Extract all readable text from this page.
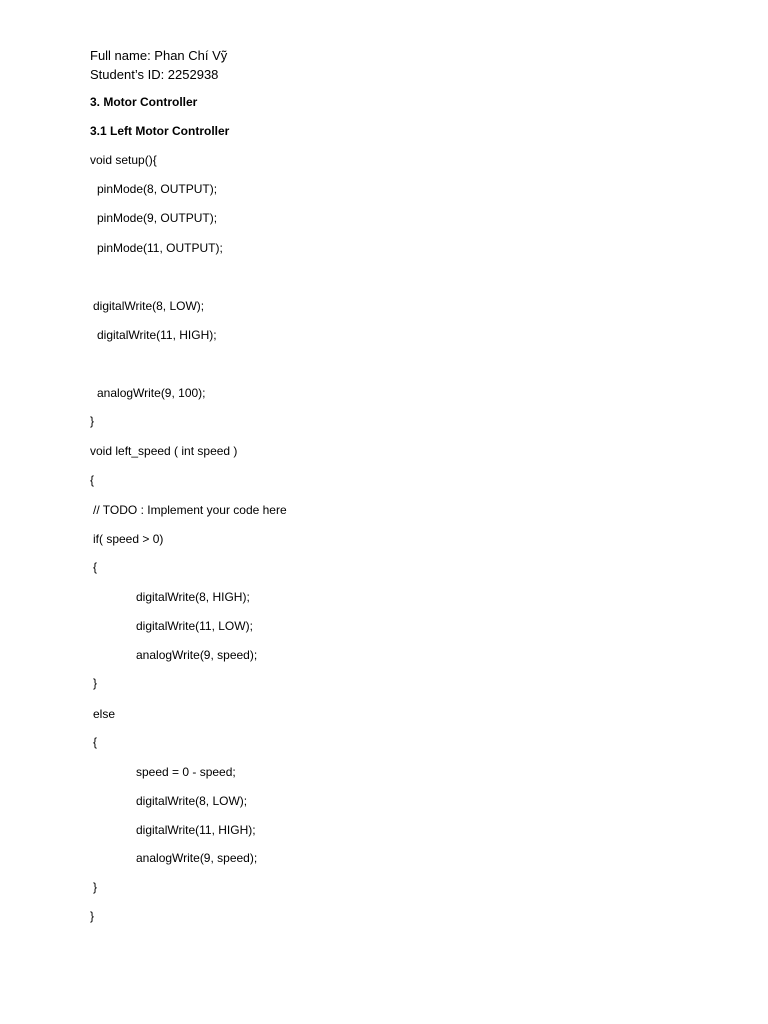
Full name: Phan Chí Vỹ
Student’s ID: 2252938
3. Motor Controller
3.1 Left Motor Controller
void setup(){
pinMode(8, OUTPUT);
pinMode(9, OUTPUT);
pinMode(11, OUTPUT);
digitalWrite(8, LOW);
digitalWrite(11, HIGH);
analogWrite(9, 100);
}
void left_speed ( int speed )
{
// TODO : Implement your code here
if( speed > 0)
{
digitalWrite(8, HIGH);
digitalWrite(11, LOW);
analogWrite(9, speed);
}
else
{
speed = 0 - speed;
digitalWrite(8, LOW);
digitalWrite(11, HIGH);
analogWrite(9, speed);
}
}
